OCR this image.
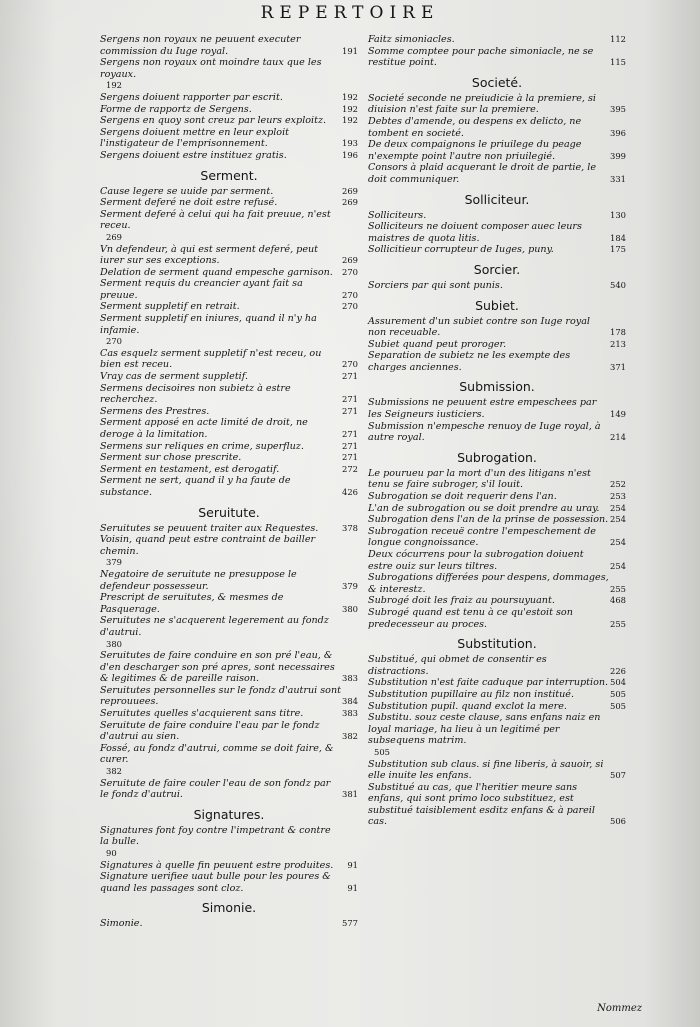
REPERTOIRE
Sergens non royaux ne peuuent executer commission du Iuge royal.	191
Sergens non royaux ont moindre taux que les royaux.
192
Sergens doiuent rapporter par escrit.	192
Forme de rapportz de Sergens.	192
Sergens en quoy sont creuz par leurs exploitz. 192
Sergens doiuent mettre en leur exploit l'instigateur de l'emprisonnement.	193
Sergens doiuent estre instituez gratis.	196
Serment.
Cause legere se uuide par serment.	269
Serment deferé ne doit estre refusé.	269
Serment deferé à celui qui ha fait preuue, n'est receu.
269
Vn defendeur, à qui est serment deferé, peut iurer sur ses exceptions.	269
Delation de serment quand empesche garnison. 270
Serment requis du creancier ayant fait sa preuue.	270
Serment suppletif en retrait.	270
Serment suppletif en iniures, quand il n'y ha infamie.
270
Cas esquelz serment suppletif n'est receu, ou bien est receu.	270
Vray cas de serment suppletif.	271
Sermens decisoires non subietz à estre recherchez.	271
Sermens des Prestres.	271
Serment apposé en acte limité de droit, ne deroge à la limitation.	271
Sermens sur reliques en crime, superfluz.	271
Serment sur chose prescrite.	271
Serment en testament, est derogatif.	272
Serment ne sert, quand il y ha faute de substance.	426
Seruitute.
Seruitutes se peuuent traiter aux Requestes.	378
Voisin, quand peut estre contraint de bailler chemin.
379
Negatoire de seruitute ne presuppose le defendeur possesseur.	379
Prescript de seruitutes, & mesmes de Pasquerage.	380
Seruitutes ne s'acquerent legerement au fondz d'autrui.
380
Seruitutes de faire conduire en son pré l'eau, & d'en descharger son pré apres, sont necessaires & legitimes & de pareille raison.	383
Seruitutes personnelles sur le fondz d'autrui sont reprouuees.	384
Seruitutes quelles s'acquierent sans titre.	383
Seruitute de faire conduire l'eau par le fondz d'autrui au sien.	382
Fossé, au fondz d'autrui, comme se doit faire, & curer.
382
Seruitute de faire couler l'eau de son fondz par le fondz d'autrui.	381
Signatures.
Signatures font foy contre l'impetrant & contre la bulle.
90
Signatures à quelle fin peuuent estre produites. 91
Signature uerifiee uaut bulle pour les poures & quand les passages sont cloz.	91
Simonie.
Simonie.	577
Faitz simoniacles.	112
Somme comptee pour pache simoniacle, ne se restitue point.	115
Societé.
Societé seconde ne preiudicie à la premiere, si diuision n'est faite sur la premiere.	395
Debtes d'amende, ou despens ex delicto, ne tombent en societé.	396
De deux compaignons le priuilege du peage n'exempte point l'autre non priuilegié.	399
Consors à plaid acquerant le droit de partie, le doit communiquer.	331
Solliciteur.
Solliciteurs.	130
Solliciteurs ne doiuent composer auec leurs maistres de quota litis.	184
Sollicitieur corrupteur de Iuges, puny.	175
Sorcier.
Sorciers par qui sont punis.	540
Subiet.
Assurement d'un subiet contre son Iuge royal non receuable.	178
Subiet quand peut proroger.	213
Separation de subietz ne les exempte des charges anciennes.	371
Submission.
Submissions ne peuuent estre empeschees par les Seigneurs iusticiers.	149
Submission n'empesche renuoy de Iuge royal, à autre royal.	214
Subrogation.
Le pourueu par la mort d'un des litigans n'est tenu se faire subroger, s'il louit.	252
Subrogation se doit requerir dens l'an.	253
L'an de subrogation ou se doit prendre au uray. 254
Subrogation dens l'an de la prinse de possession. 254
Subrogation receuë contre l'empeschement de longue congnoissance.	254
Deux cócurrens pour la subrogation doiuent estre ouiz sur leurs tiltres.	254
Subrogations differées pour despens, dommages, & interestz.	255
Subrogé doit les fraiz au poursuyuant.	468
Subrogé quand est tenu à ce qu'estoit son predecesseur au proces.	255
Substitution.
Substitué, qui obmet de consentir es distractions.	226
Substitution n'est faite caduque par interruption. 504
Substitution pupillaire au filz non institué.	505
Substitution pupil. quand exclot la mere.	505
Substitu. souz ceste clause, sans enfans naiz en loyal mariage, ha lieu à un legitimé per subsequens matrim.
505
Substitution sub claus. si fine liberis, à sauoir, si elle inuite les enfans.	507
Substitué au cas, que l'heritier meure sans enfans, qui sont primo loco substituez, est substitué taisiblement esditz enfans & à pareil cas.	506
Nommez
